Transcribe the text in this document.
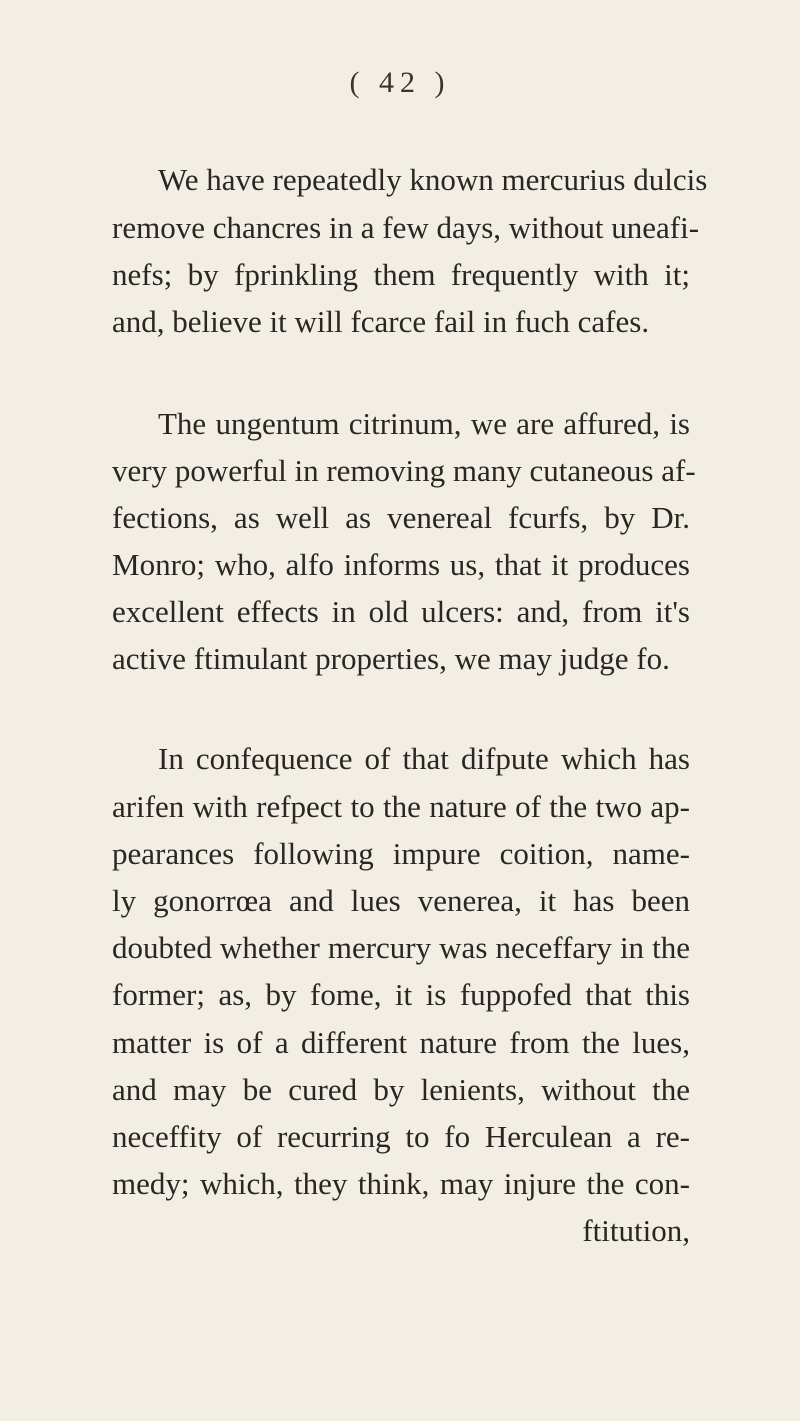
( 42 )
We have repeatedly known mercurius dulcis
remove chancres in a few days, without uneafi-
nefs; by fprinkling them frequently with it;
and, believe it will fcarce fail in fuch cafes.
The ungentum citrinum, we are affured, is
very powerful in removing many cutaneous af-
fections, as well as venereal fcurfs, by Dr.
Monro; who, alfo informs us, that it produces
excellent effects in old ulcers: and, from it's
active ftimulant properties, we may judge fo.
In confequence of that difpute which has
arifen with refpect to the nature of the two ap-
pearances following impure coition, name-
ly gonorrœa and lues venerea, it has been
doubted whether mercury was neceffary in the
former; as, by fome, it is fuppofed that this
matter is of a different nature from the lues,
and may be cured by lenients, without the
neceffity of recurring to fo Herculean a re-
medy; which, they think, may injure the con-
ftitution,
